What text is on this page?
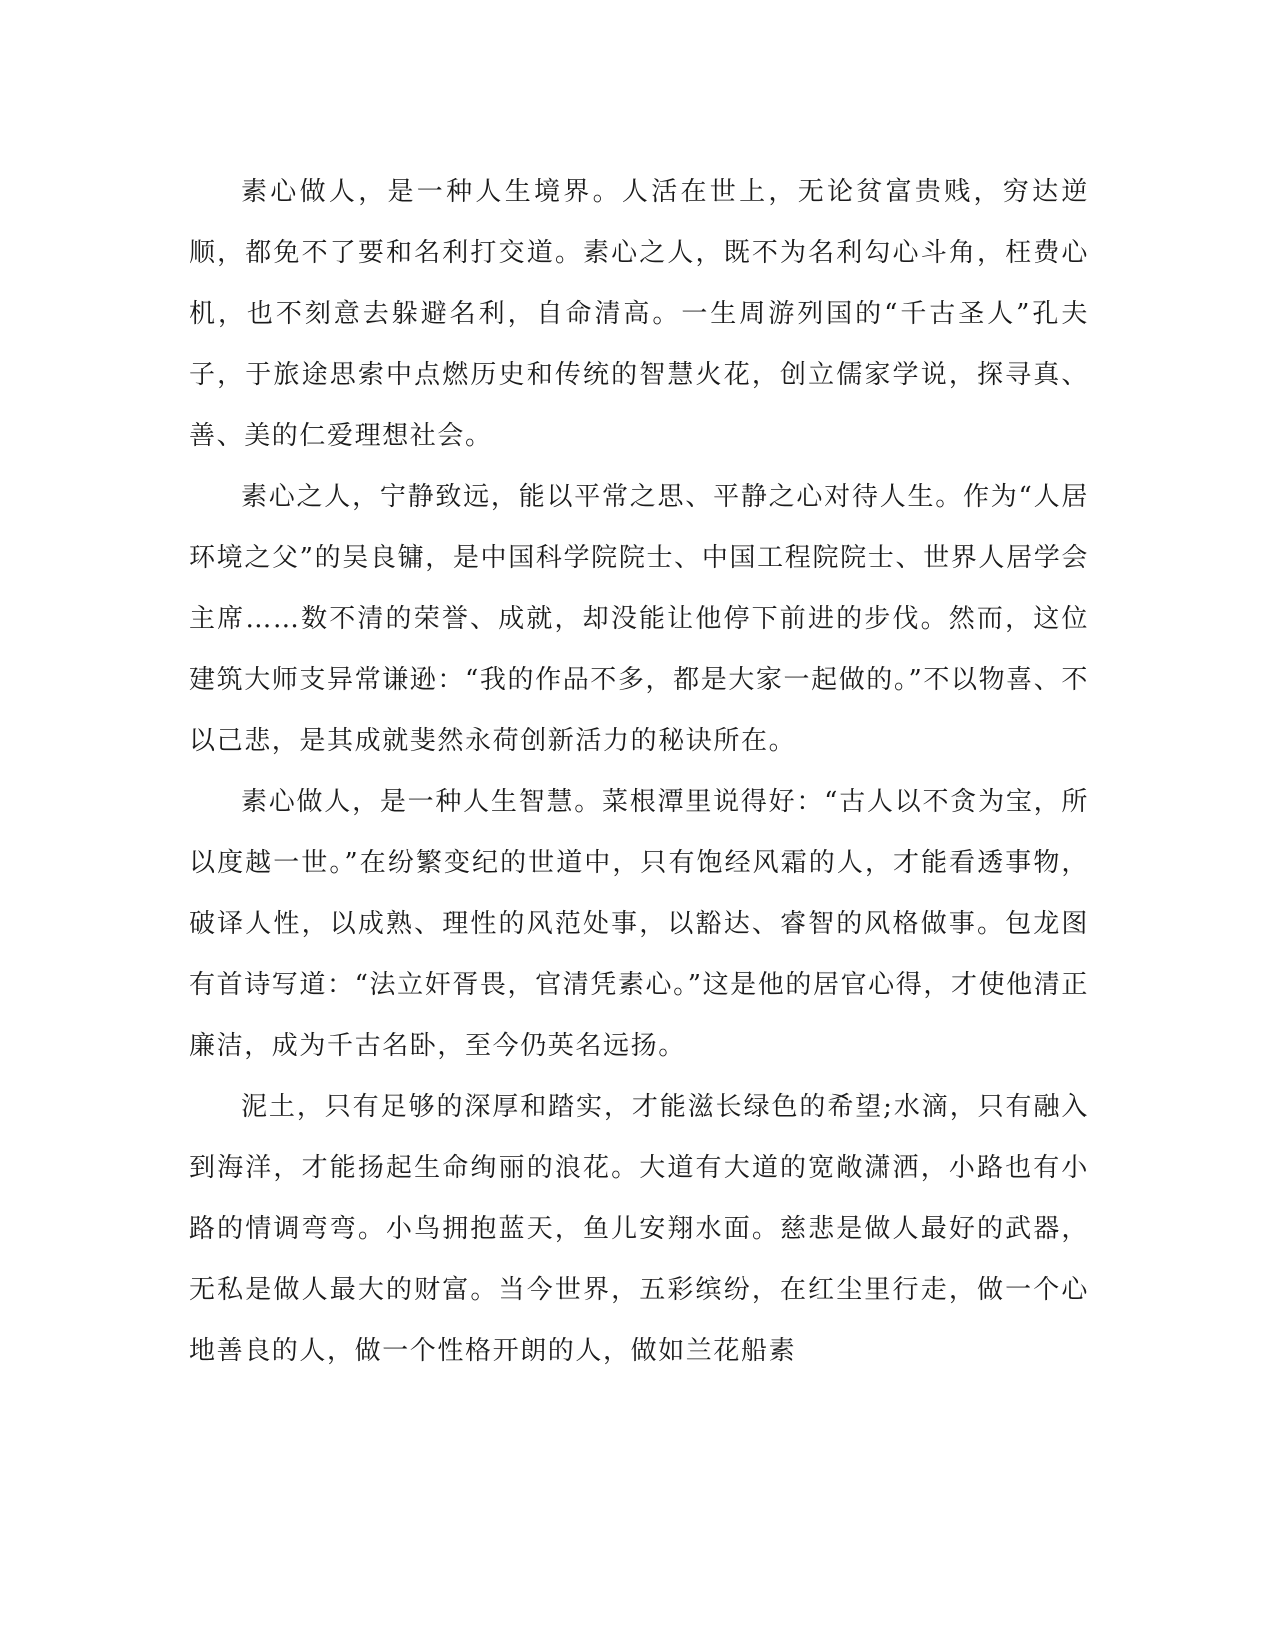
素心做人，是一种人生境界。人活在世上，无论贫富贵贱，穷达逆顺，都免不了要和名利打交道。素心之人，既不为名利勾心斗角，枉费心机，也不刻意去躲避名利，自命清高。一生周游列国的“千古圣人”孔夫子，于旅途思索中点燃历史和传统的智慧火花，创立儒家学说，探寻真、善、美的仁爱理想社会。

素心之人，宁静致远，能以平常之思、平静之心对待人生。作为“人居环境之父”的吴良镛，是中国科学院院士、中国工程院院士、世界人居学会主席……数不清的荣誉、成就，却没能让他停下前进的步伐。然而，这位建筑大师支异常谦逊：“我的作品不多，都是大家一起做的。”不以物喜、不以己悲，是其成就斐然永荷创新活力的秘诀所在。

素心做人，是一种人生智慧。菜根潭里说得好：“古人以不贪为宝，所以度越一世。”在纷繁变纪的世道中，只有饱经风霜的人，才能看透事物，破译人性，以成熟、理性的风范处事，以豁达、睿智的风格做事。包龙图有首诗写道：“法立奸胥畏，官清凭素心。”这是他的居官心得，才使他清正廉洁，成为千古名卧，至今仍英名远扬。

泥土，只有足够的深厚和踏实，才能滋长绿色的希望;水滴，只有融入到海洋，才能扬起生命绚丽的浪花。大道有大道的宽敞潇洒，小路也有小路的情调弯弯。小鸟拥抱蓝天，鱼儿安翔水面。慈悲是做人最好的武器，无私是做人最大的财富。当今世界，五彩缤纷，在红尘里行走，做一个心地善良的人，做一个性格开朗的人，做如兰花船素
